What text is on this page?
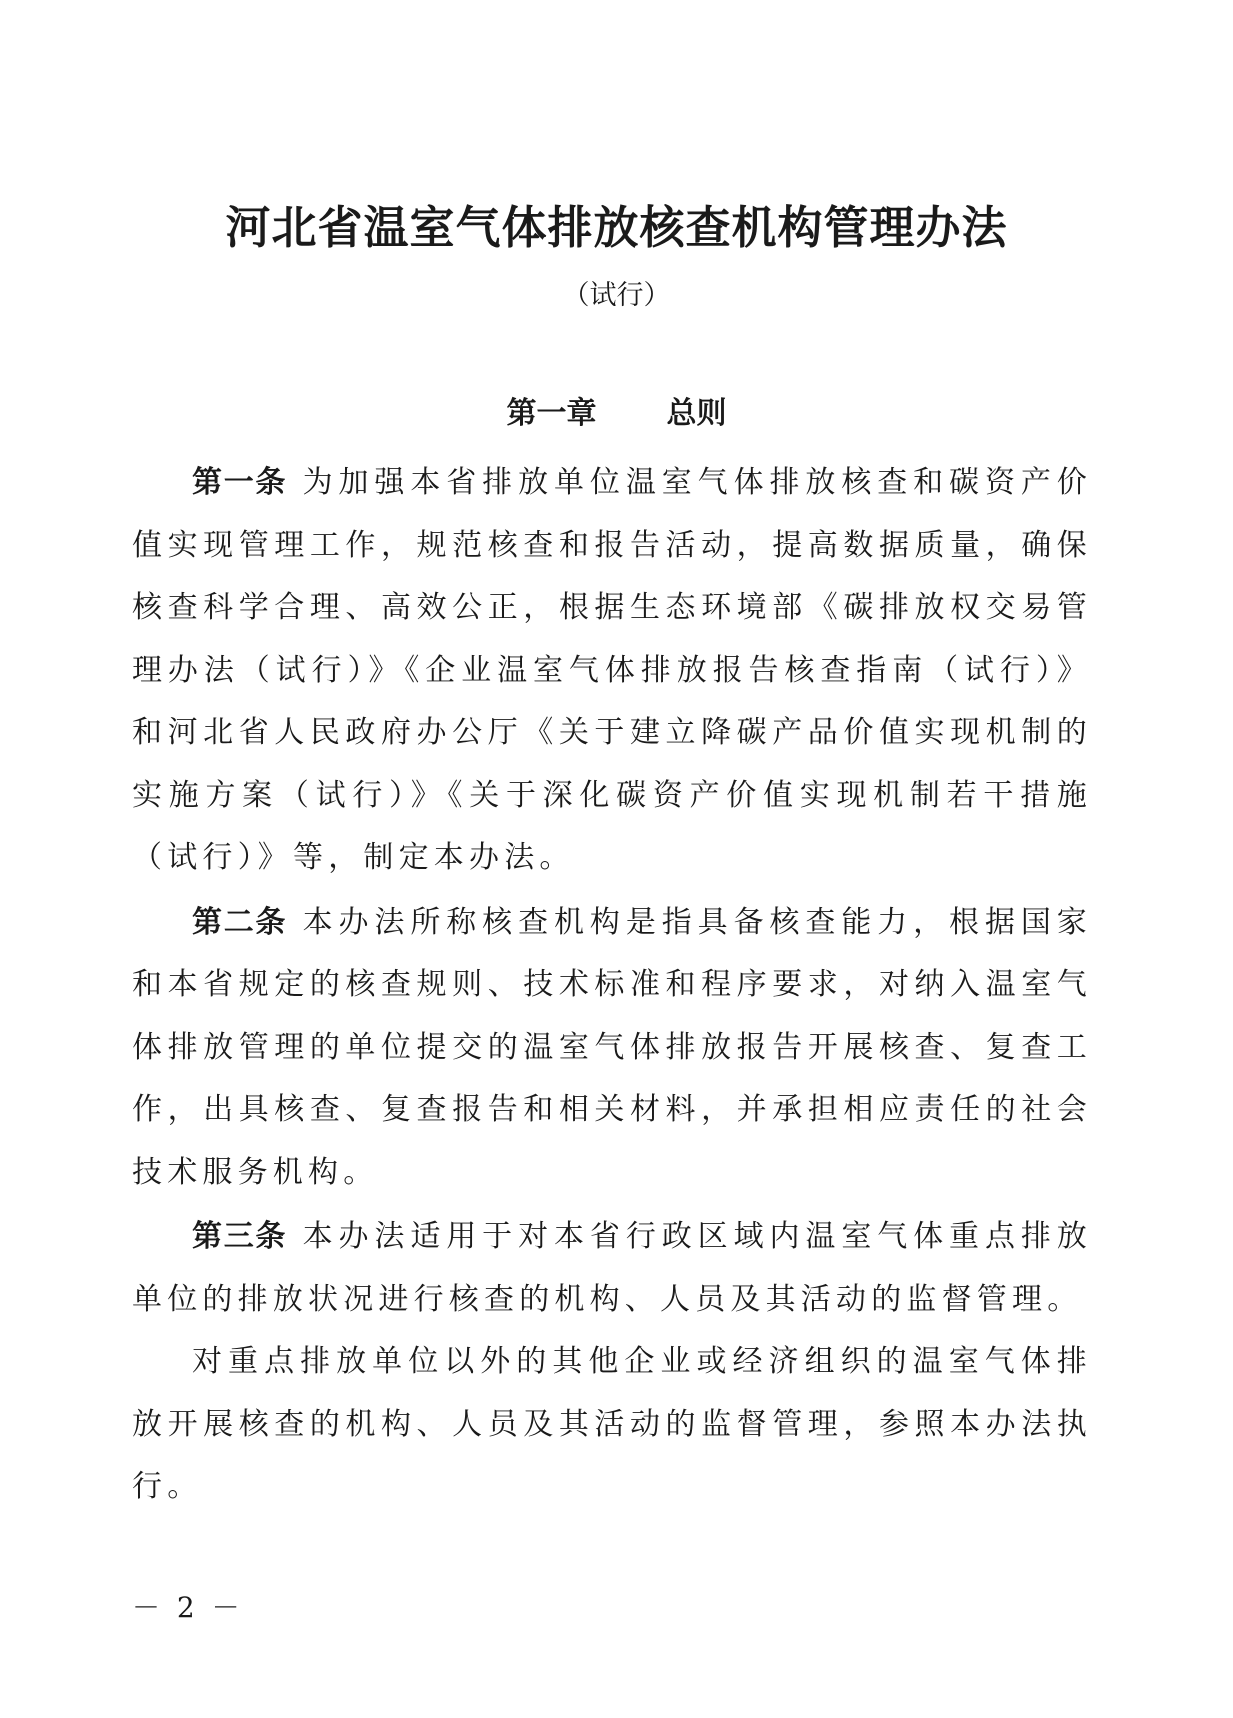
河北省温室气体排放核查机构管理办法
（试行）
第一章 总则

第一条 为加强本省排放单位温室气体排放核查和碳资产价值实现管理工作，规范核查和报告活动，提高数据质量，确保核查科学合理、高效公正，根据生态环境部《碳排放权交易管理办法（试行）》《企业温室气体排放报告核查指南（试行）》和河北省人民政府办公厅《关于建立降碳产品价值实现机制的实施方案（试行）》《关于深化碳资产价值实现机制若干措施（试行）》等，制定本办法。

第二条 本办法所称核查机构是指具备核查能力，根据国家和本省规定的核查规则、技术标准和程序要求，对纳入温室气体排放管理的单位提交的温室气体排放报告开展核查、复查工作，出具核查、复查报告和相关材料，并承担相应责任的社会技术服务机构。

第三条 本办法适用于对本省行政区域内温室气体重点排放单位的排放状况进行核查的机构、人员及其活动的监督管理。

对重点排放单位以外的其他企业或经济组织的温室气体排放开展核查的机构、人员及其活动的监督管理，参照本办法执行。

－ 2 －
